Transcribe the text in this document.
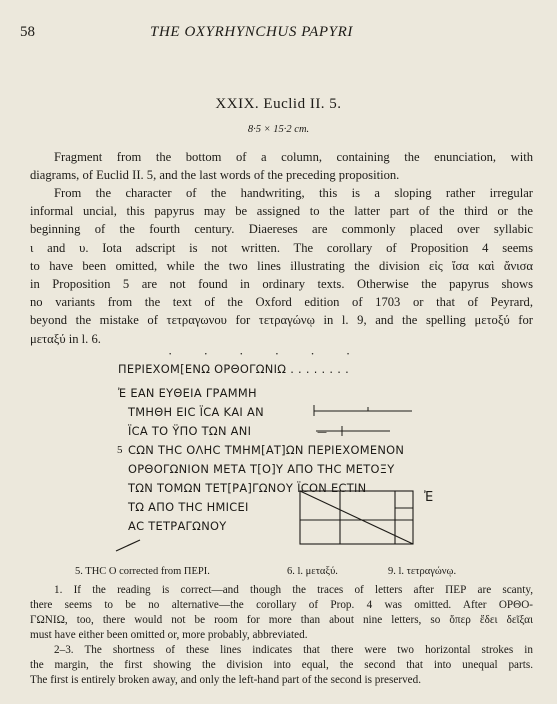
58	THE OXYRHYNCHUS PAPYRI
XXIX. Euclid II. 5.
8·5 × 15·2 cm.
Fragment from the bottom of a column, containing the enunciation, with
diagrams, of Euclid II. 5, and the last words of the preceding proposition.
From the character of the handwriting, this is a sloping rather irregular
informal uncial, this papyrus may be assigned to the latter part of the third or the
beginning of the fourth century. Diaereses are commonly placed over syllabic
ι and υ. Iota adscript is not written. The corollary of Proposition 4 seems
to have been omitted, while the two lines illustrating the division εἰς ἴσα καὶ ἄνισα
in Proposition 5 are not found in ordinary texts. Otherwise the papyrus shows
no variants from the text of the Oxford edition of 1703 or that of Peyrard,
beyond the mistake of τετραγωνου for τετραγώνῳ in l. 9, and the spelling μετοξύ for
μεταξύ in l. 6.
· · · · · ·
ΠΕΡΙΕΧΟΜ[ΕΝΩ ΟΡΘΟΓΩΝΙΩ . . . . . . . .
Ἐ ΕΑΝ ΕΥΘΕΙΑ ΓΡΑΜΜΗ
ΤΜΗΘΗ ΕΙC ΪCΑ ΚΑΙ ΑΝ
ΪCΑ ΤΟ ΫΠΟ ΤΩΝ ΑΝΙ
5 CΩΝ ΤΗC ΟΛΗC ΤΜΗΜ[ΑΤ]ΩΝ ΠΕΡΙΕΧΟΜΕΝΟΝ
ΟΡΘΟΓΩΝΙΟΝ ΜΕΤΑ Τ[Ο]Υ ΑΠΟ ΤΗC ΜΕΤΟΞΥ
ΤΩΝ ΤΟΜΩΝ ΤΕΤ[ΡΑ]ΓΩΝΟΥ ÏCΟΝ ΕCΤΙΝ
ΤΩ ΑΠΟ ΤΗC ΗΜΙCΕΙ
ΑC ΤΕΤΡΑΓΩΝΟΥ
—
Ἐ
5. ΤΗC Ο corrected from ΠΕΡΙ.	6. l. μεταξύ.	9. l. τετραγώνῳ.
1. If the reading is correct—and though the traces of letters after ΠΕΡ are scanty,
there seems to be no alternative—the corollary of Prop. 4 was omitted. After ΟΡΘΟ-
ΓΩΝΙΩ, too, there would not be room for more than about nine letters, so ὅπερ ἔδει δεῖξαι
must have either been omitted or, more probably, abbreviated.
2–3. The shortness of these lines indicates that there were two horizontal strokes in
the margin, the first showing the division into equal, the second that into unequal parts.
The first is entirely broken away, and only the left-hand part of the second is preserved.
